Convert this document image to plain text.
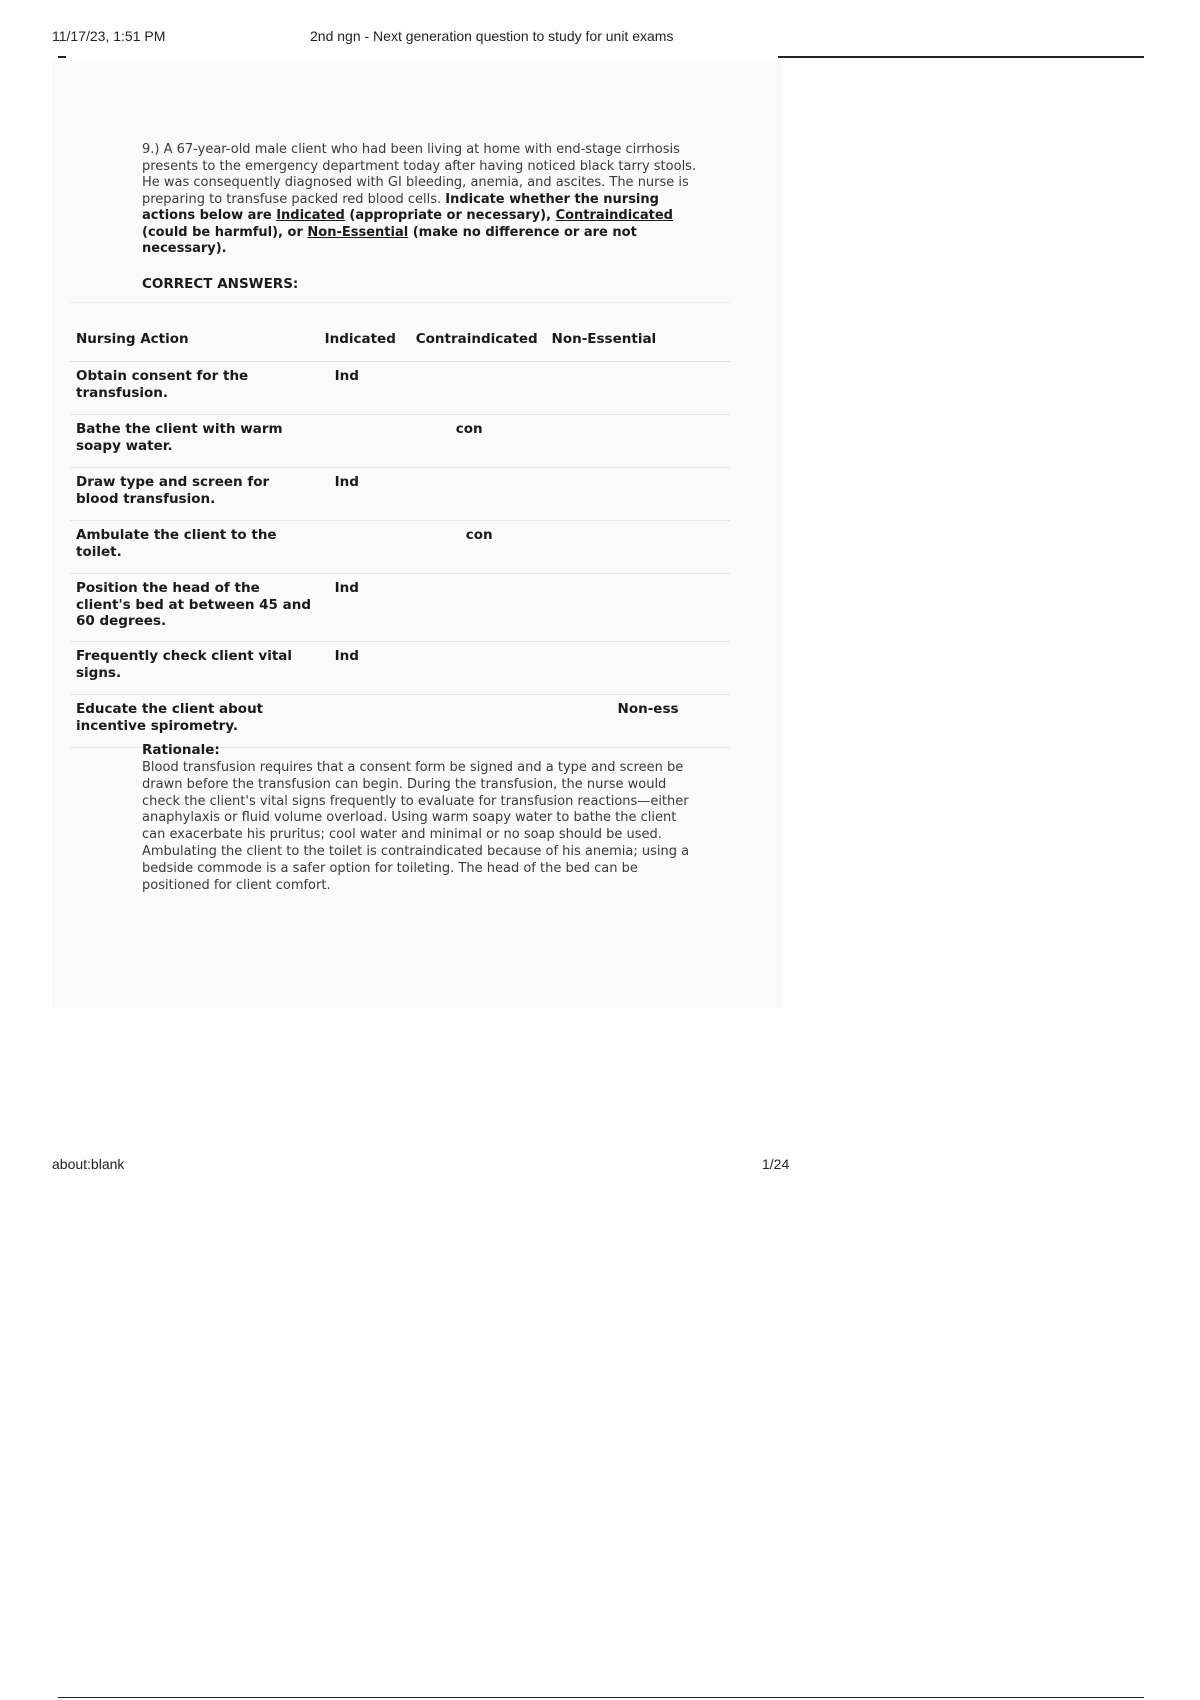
11/17/23, 1:51 PM	2nd ngn - Next generation question to study for unit exams
9.) A 67-year-old male client who had been living at home with end-stage cirrhosis presents to the emergency department today after having noticed black tarry stools. He was consequently diagnosed with GI bleeding, anemia, and ascites. The nurse is preparing to transfuse packed red blood cells. Indicate whether the nursing actions below are Indicated (appropriate or necessary), Contraindicated (could be harmful), or Non-Essential (make no difference or are not necessary).
CORRECT ANSWERS:
Nursing Action	Indicated	Contraindicated	Non-Essential
Obtain consent for the transfusion.	Ind		
Bathe the client with warm soapy water.		con	
Draw type and screen for blood transfusion.	Ind		
Ambulate the client to the toilet.		con	
Position the head of the client's bed at between 45 and 60 degrees.	Ind		
Frequently check client vital signs.	Ind		
Educate the client about incentive spirometry.			Non-ess
Rationale:
Blood transfusion requires that a consent form be signed and a type and screen be drawn before the transfusion can begin. During the transfusion, the nurse would check the client's vital signs frequently to evaluate for transfusion reactions—either anaphylaxis or fluid volume overload. Using warm soapy water to bathe the client can exacerbate his pruritus; cool water and minimal or no soap should be used. Ambulating the client to the toilet is contraindicated because of his anemia; using a bedside commode is a safer option for toileting. The head of the bed can be positioned for client comfort.
about:blank	1/24
